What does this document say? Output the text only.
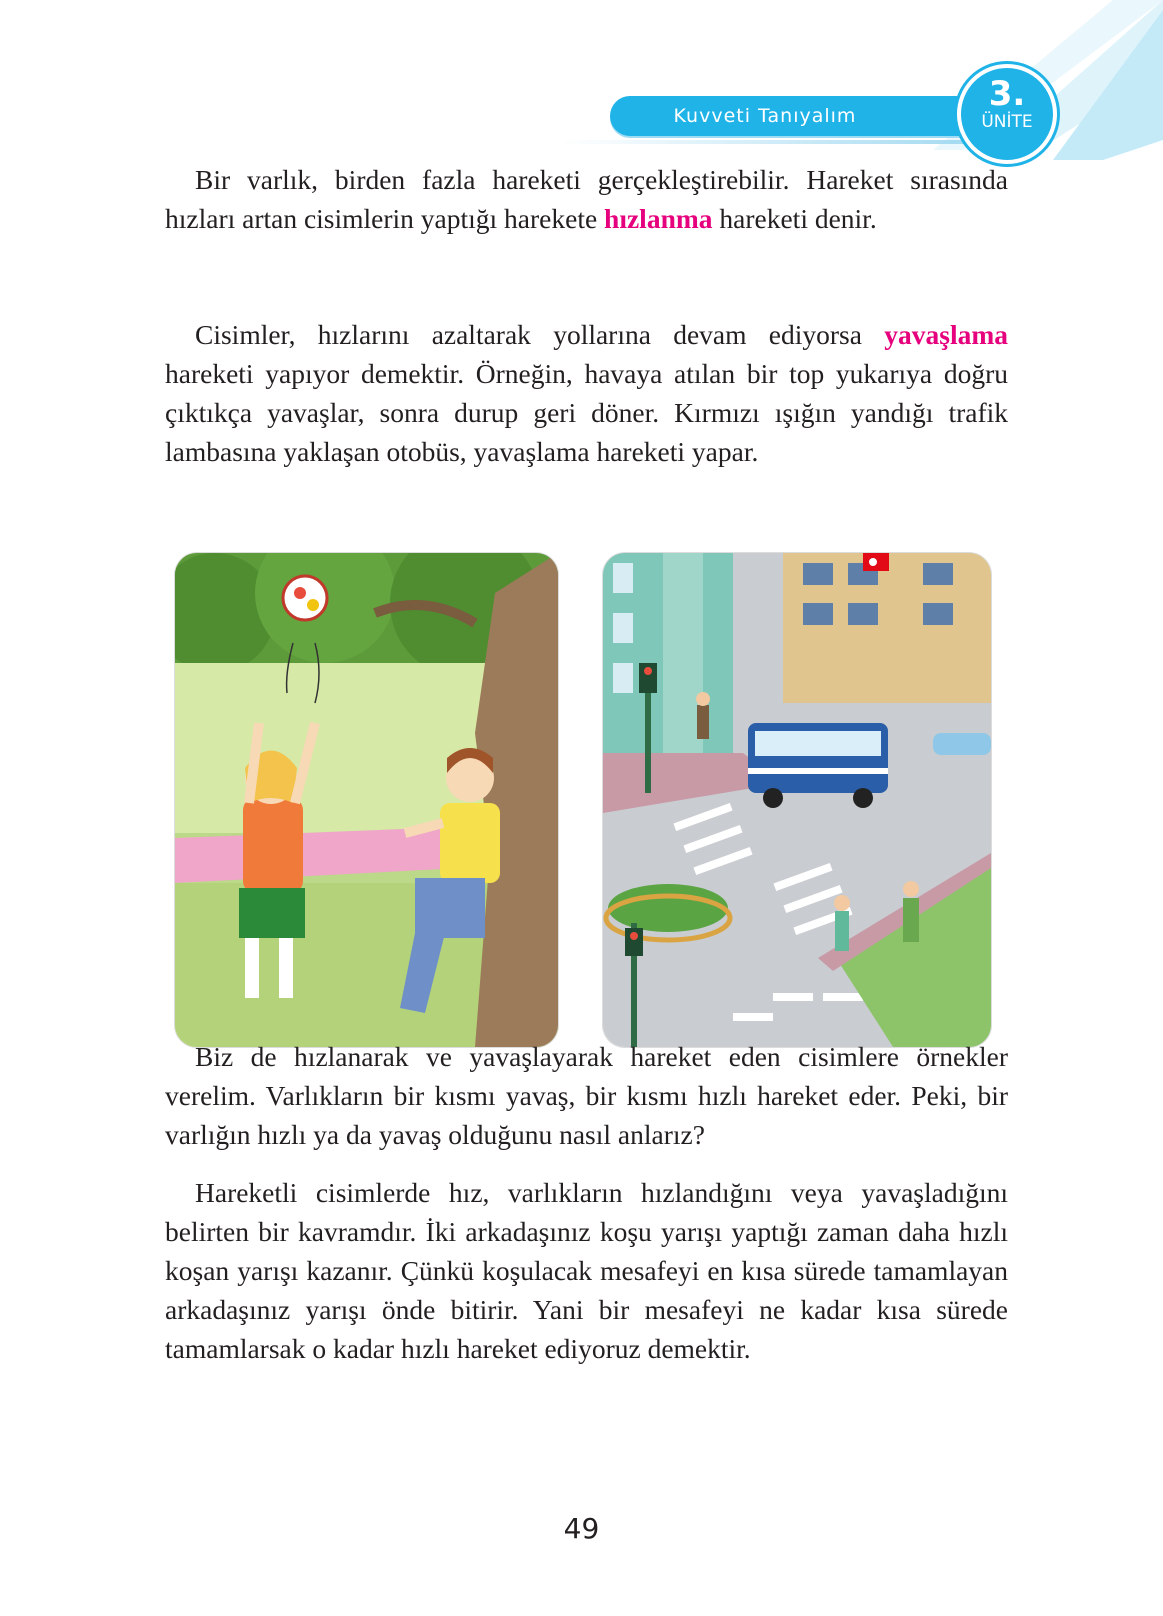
Kuvveti Tanıyalım
3.
ÜNİTE

Bir varlık, birden fazla hareketi gerçekleştirebilir. Hareket sırasında hızları artan cisimlerin yaptığı harekete hızlanma hareketi denir.

Cisimler, hızlarını azaltarak yollarına devam ediyorsa yavaşlama hareketi yapıyor demektir. Örneğin, havaya atılan bir top yukarıya doğru çıktıkça yavaşlar, sonra durup geri döner. Kırmızı ışığın yandığı trafik lambasına yaklaşan otobüs, yavaşlama hareketi yapar.

Biz de hızlanarak ve yavaşlayarak hareket eden cisimlere örnekler verelim. Varlıkların bir kısmı yavaş, bir kısmı hızlı hareket eder. Peki, bir varlığın hızlı ya da yavaş olduğunu nasıl anlarız?

Hareketli cisimlerde hız, varlıkların hızlandığını veya yavaşladığını belirten bir kavramdır. İki arkadaşınız koşu yarışı yaptığı zaman daha hızlı koşan yarışı kazanır. Çünkü koşulacak mesafeyi en kısa sürede tamamlayan arkadaşınız yarışı önde bitirir. Yani bir mesafeyi ne kadar kısa sürede tamamlarsak o kadar hızlı hareket ediyoruz demektir.

49
